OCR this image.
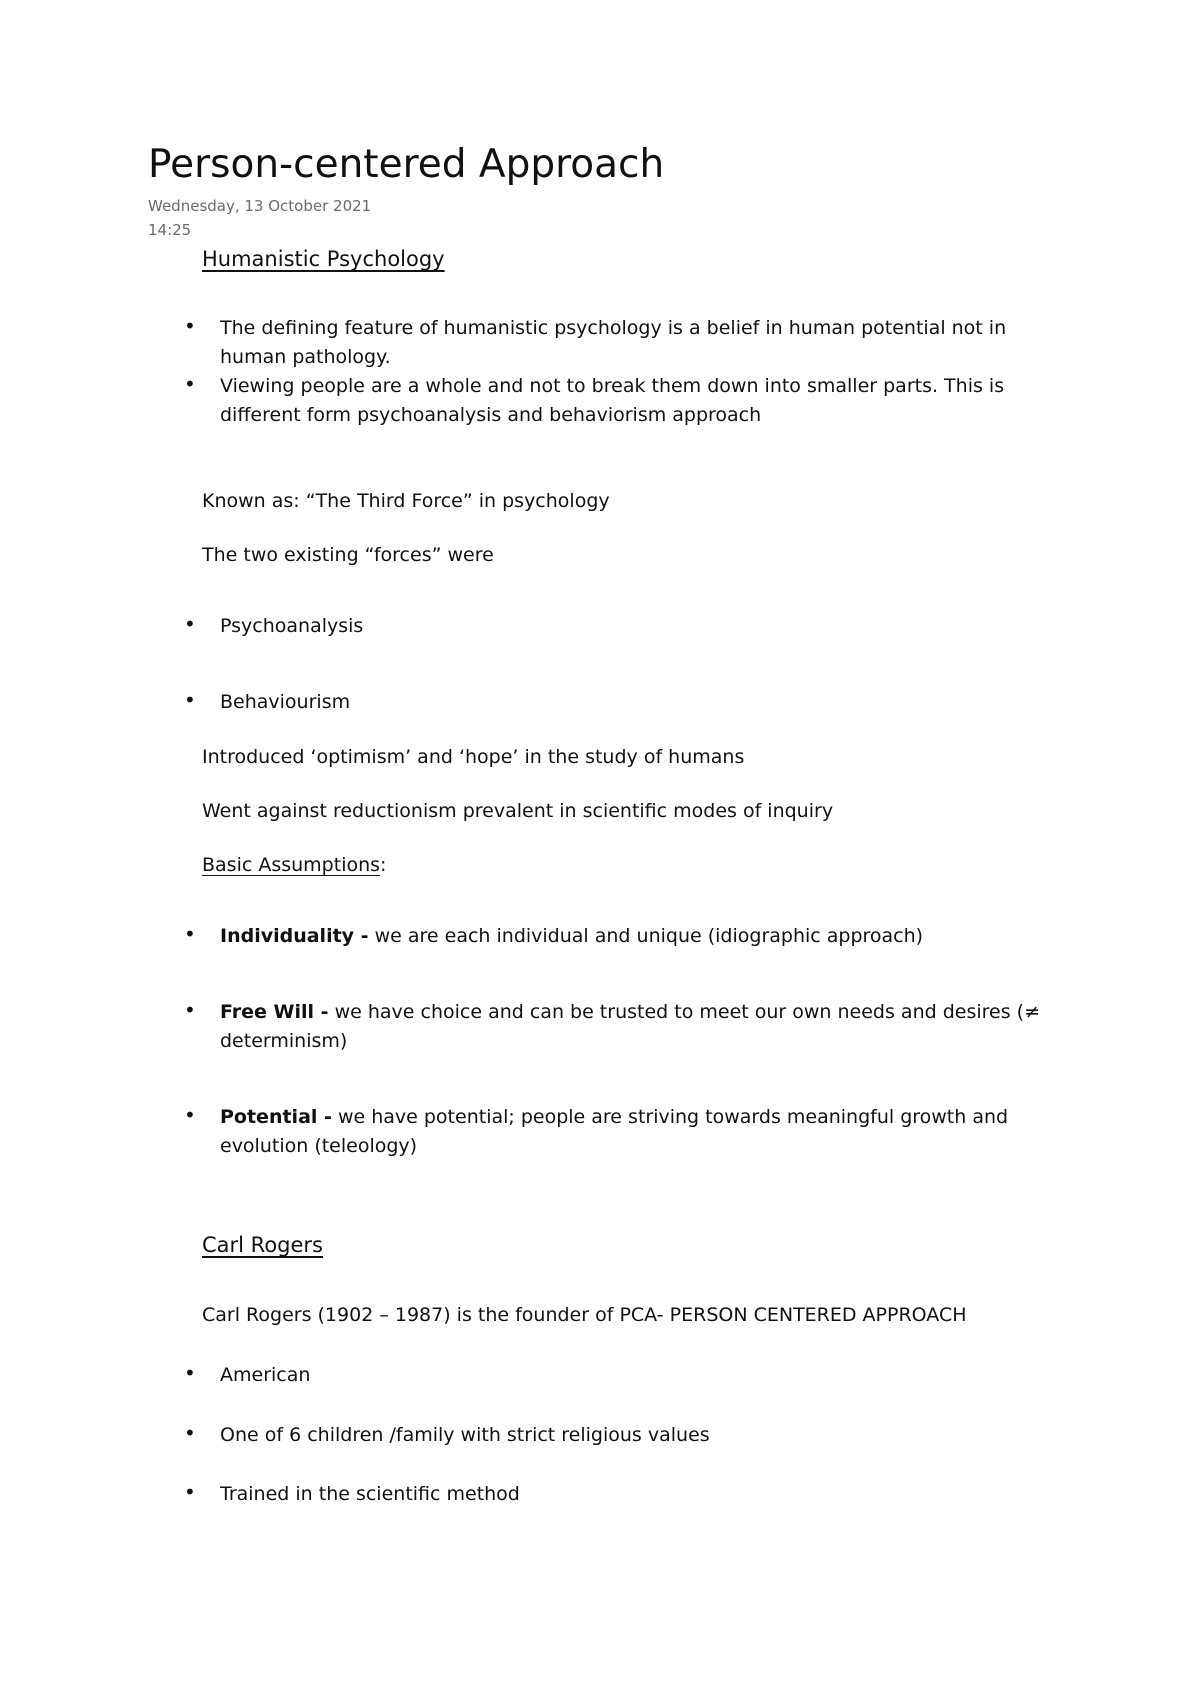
Person-centered Approach
Wednesday, 13 October 2021
14:25
Humanistic Psychology
• The defining feature of humanistic psychology is a belief in human potential not in human pathology.
• Viewing people are a whole and not to break them down into smaller parts. This is different form psychoanalysis and behaviorism approach
Known as: “The Third Force” in psychology
The two existing “forces” were
• Psychoanalysis
• Behaviourism
Introduced ‘optimism’ and ‘hope’ in the study of humans
Went against reductionism prevalent in scientific modes of inquiry
Basic Assumptions:
• Individuality - we are each individual and unique (idiographic approach)
• Free Will - we have choice and can be trusted to meet our own needs and desires (≠ determinism)
• Potential - we have potential; people are striving towards meaningful growth and evolution (teleology)
Carl Rogers
Carl Rogers (1902 – 1987) is the founder of PCA- PERSON CENTERED APPROACH
• American
• One of 6 children /family with strict religious values
• Trained in the scientific method
